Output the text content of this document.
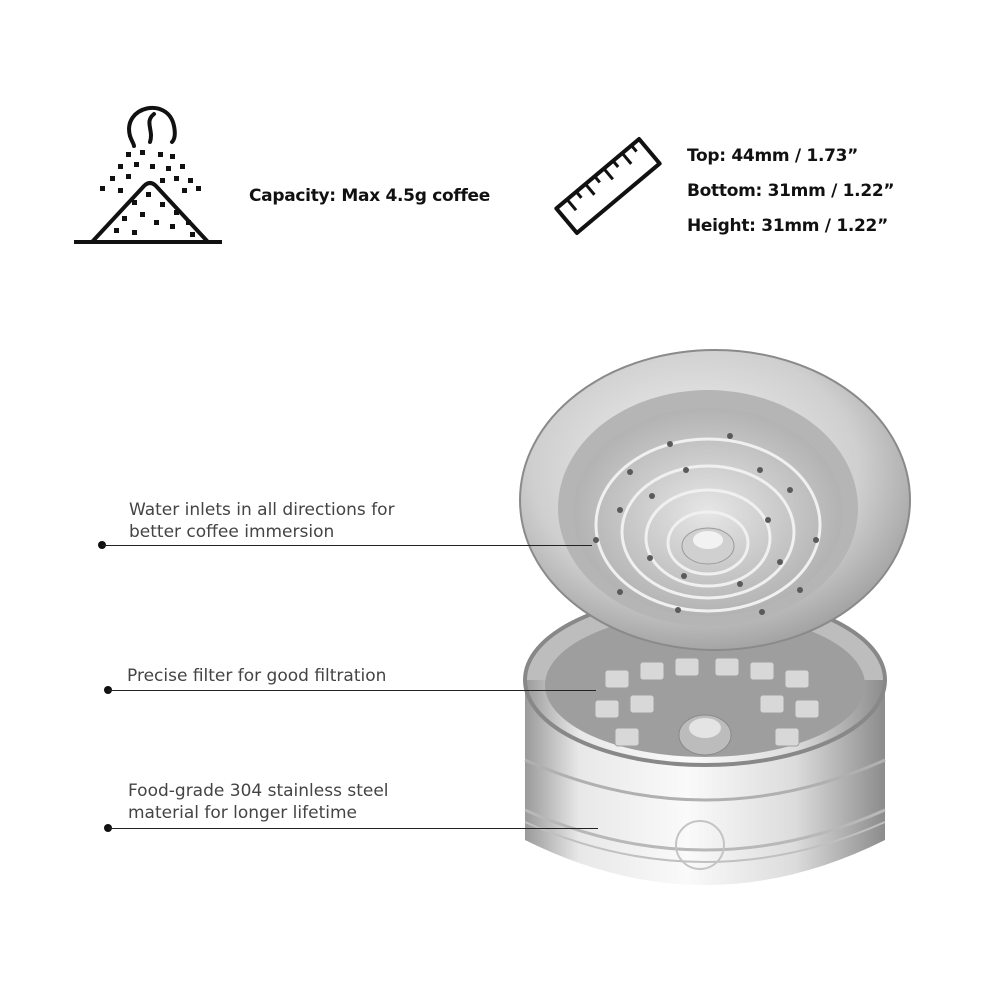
Capacity: Max 4.5g coffee
Top: 44mm / 1.73”
Bottom: 31mm / 1.22”
Height: 31mm / 1.22”
Water inlets in all directions for
better coffee immersion
Precise filter for good filtration
Food-grade 304 stainless steel
material for longer lifetime
